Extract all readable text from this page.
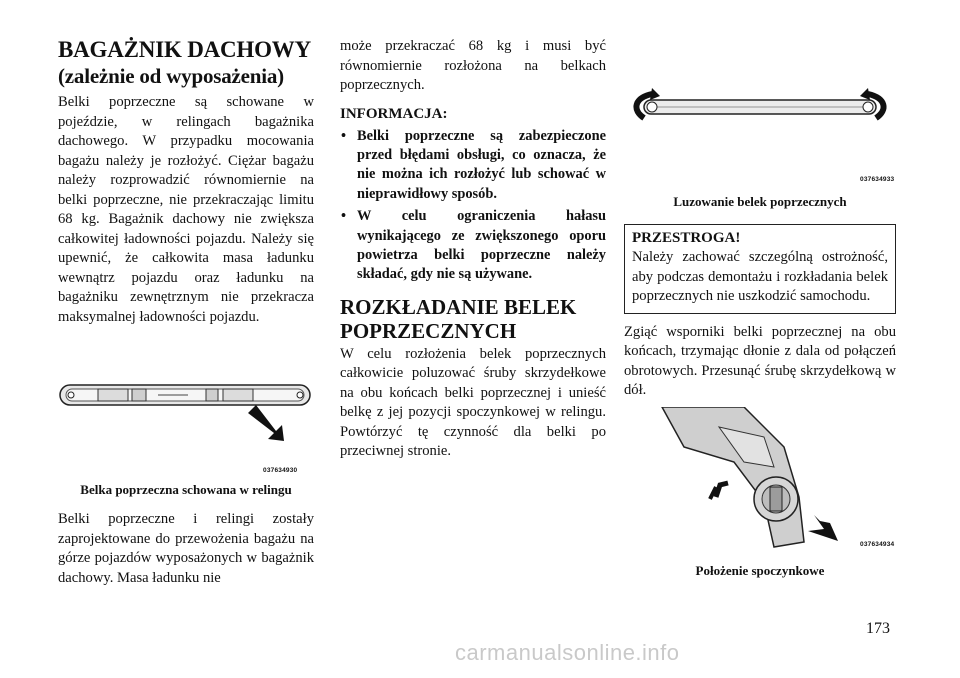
BAGAŻNIK DACHOWY
(zależnie od wyposażenia)

Belki poprzeczne są schowane w pojeździe, w relingach bagażnika dachowego. W przypadku mocowania bagażu należy je rozłożyć. Ciężar bagażu należy rozprowadzić równomiernie na belki poprzeczne, nie przekraczając limitu 68 kg. Bagażnik dachowy nie zwiększa całkowitej ładowności pojazdu. Należy się upewnić, że całkowita masa ładunku wewnątrz pojazdu oraz ładunku na bagażniku zewnętrznym nie przekracza maksymalnej ładowności pojazdu.

037634930
Belka poprzeczna schowana w relingu

Belki poprzeczne i relingi zostały zaprojektowane do przewożenia bagażu na górze pojazdów wyposażonych w bagażnik dachowy. Masa ładunku nie

może przekraczać 68 kg i musi być równomiernie rozłożona na belkach poprzecznych.

INFORMACJA:
• Belki poprzeczne są zabezpieczone przed błędami obsługi, co oznacza, że nie można ich rozłożyć lub schować w nieprawidłowy sposób.
• W celu ograniczenia hałasu wynikającego ze zwiększonego oporu powietrza belki poprzeczne należy składać, gdy nie są używane.
ROZKŁADANIE BELEK
POPRZECZNYCH

W celu rozłożenia belek poprzecznych całkowicie poluzować śruby skrzydełkowe na obu końcach belki poprzecznej i unieść belkę z jej pozycji spoczynkowej w relingu. Powtórzyć tę czynność dla belki po przeciwnej stronie.

037634933
Luzowanie belek poprzecznych
PRZESTROGA!

Należy zachować szczególną ostrożność, aby podczas demontażu i rozkładania belek poprzecznych nie uszkodzić samochodu.

Zgiąć wsporniki belki poprzecznej na obu końcach, trzymając dłonie z dala od połączeń obrotowych. Przesunąć śrubę skrzydełkową w dół.

037634934
Położenie spoczynkowe
173
carmanualsonline.info
